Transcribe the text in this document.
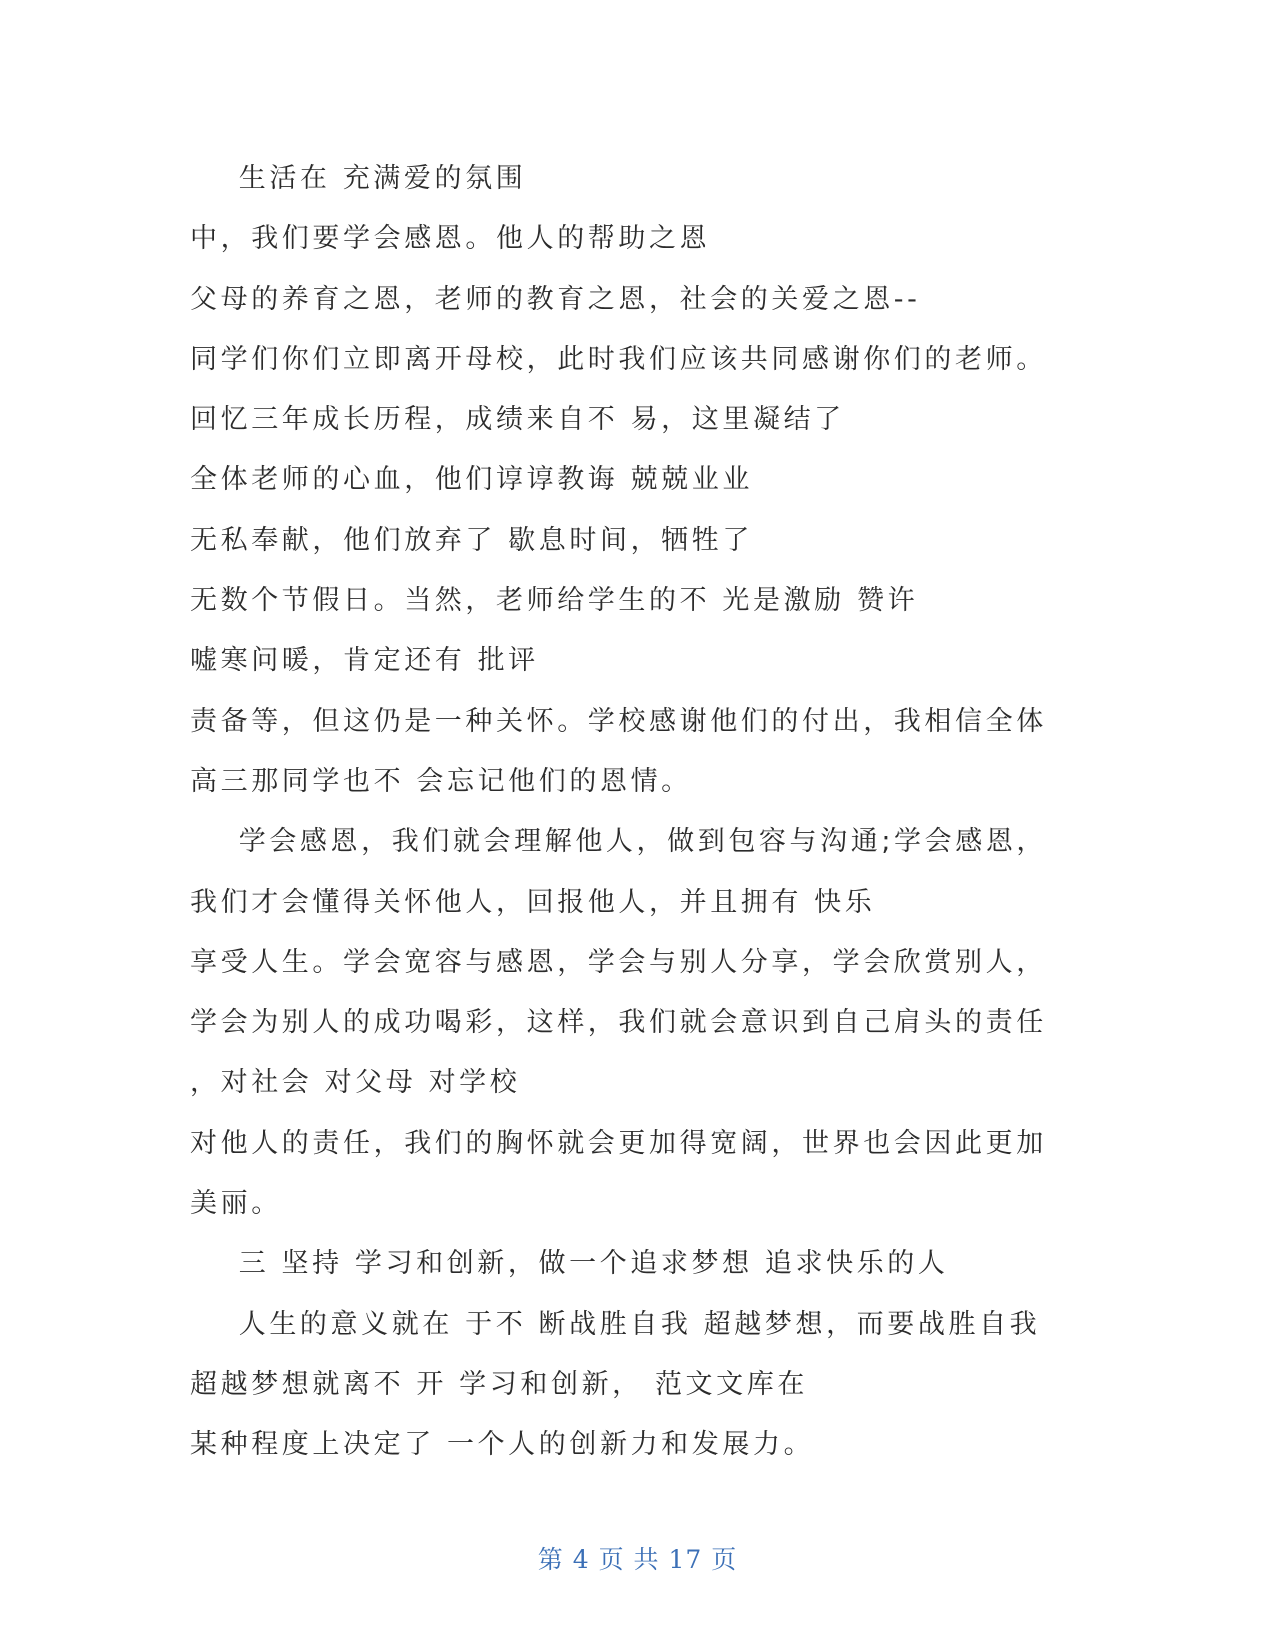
生活在 充满爱的氛围
中，我们要学会感恩。他人的帮助之恩
父母的养育之恩，老师的教育之恩，社会的关爱之恩--
同学们你们立即离开母校，此时我们应该共同感谢你们的老师。
回忆三年成长历程，成绩来自不 易，这里凝结了
全体老师的心血，他们谆谆教诲 兢兢业业
无私奉献，他们放弃了 歇息时间，牺牲了
无数个节假日。当然，老师给学生的不 光是激励 赞许
嘘寒问暖，肯定还有 批评
责备等，但这仍是一种关怀。学校感谢他们的付出，我相信全体
高三那同学也不 会忘记他们的恩情。
学会感恩，我们就会理解他人，做到包容与沟通;学会感恩，
我们才会懂得关怀他人，回报他人，并且拥有 快乐
享受人生。学会宽容与感恩，学会与别人分享，学会欣赏别人，
学会为别人的成功喝彩，这样，我们就会意识到自己肩头的责任
，对社会 对父母 对学校
对他人的责任，我们的胸怀就会更加得宽阔，世界也会因此更加
美丽。
三 坚持 学习和创新，做一个追求梦想 追求快乐的人
人生的意义就在 于不 断战胜自我 超越梦想，而要战胜自我
超越梦想就离不 开 学习和创新， 范文文库在
某种程度上决定了 一个人的创新力和发展力。
第 4 页 共 17 页
